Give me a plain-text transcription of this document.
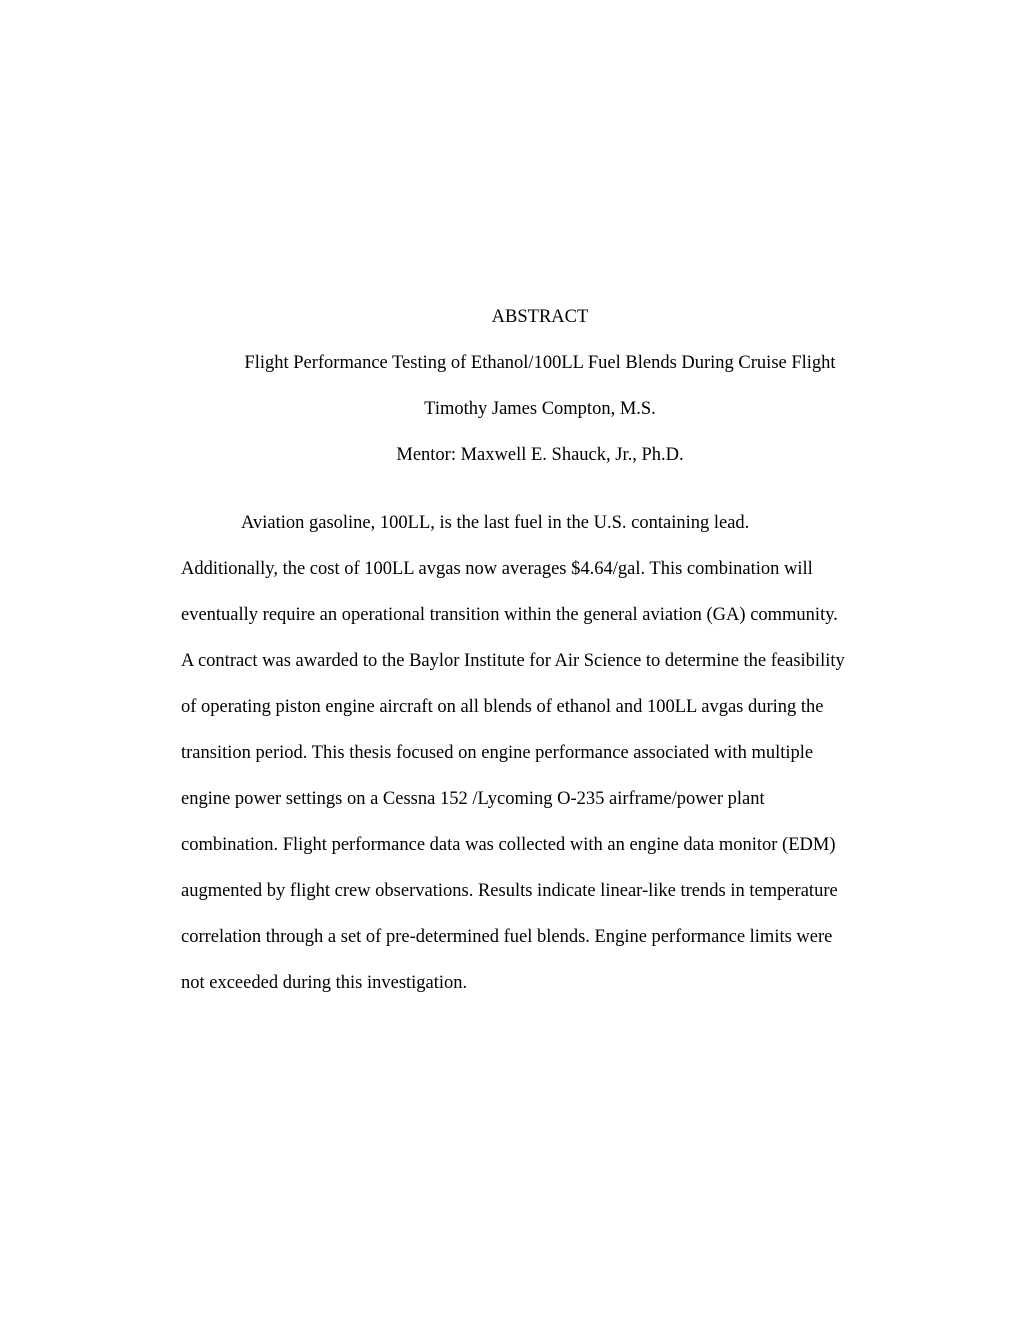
ABSTRACT
Flight Performance Testing of Ethanol/100LL Fuel Blends During Cruise Flight
Timothy James Compton, M.S.
Mentor: Maxwell E. Shauck, Jr., Ph.D.
Aviation gasoline, 100LL, is the last fuel in the U.S. containing lead.
Additionally, the cost of 100LL avgas now averages $4.64/gal. This combination will
eventually require an operational transition within the general aviation (GA) community.
A contract was awarded to the Baylor Institute for Air Science to determine the feasibility
of operating piston engine aircraft on all blends of ethanol and 100LL avgas during the
transition period. This thesis focused on engine performance associated with multiple
engine power settings on a Cessna 152 /Lycoming O-235 airframe/power plant
combination. Flight performance data was collected with an engine data monitor (EDM)
augmented by flight crew observations. Results indicate linear-like trends in temperature
correlation through a set of pre-determined fuel blends. Engine performance limits were
not exceeded during this investigation.
